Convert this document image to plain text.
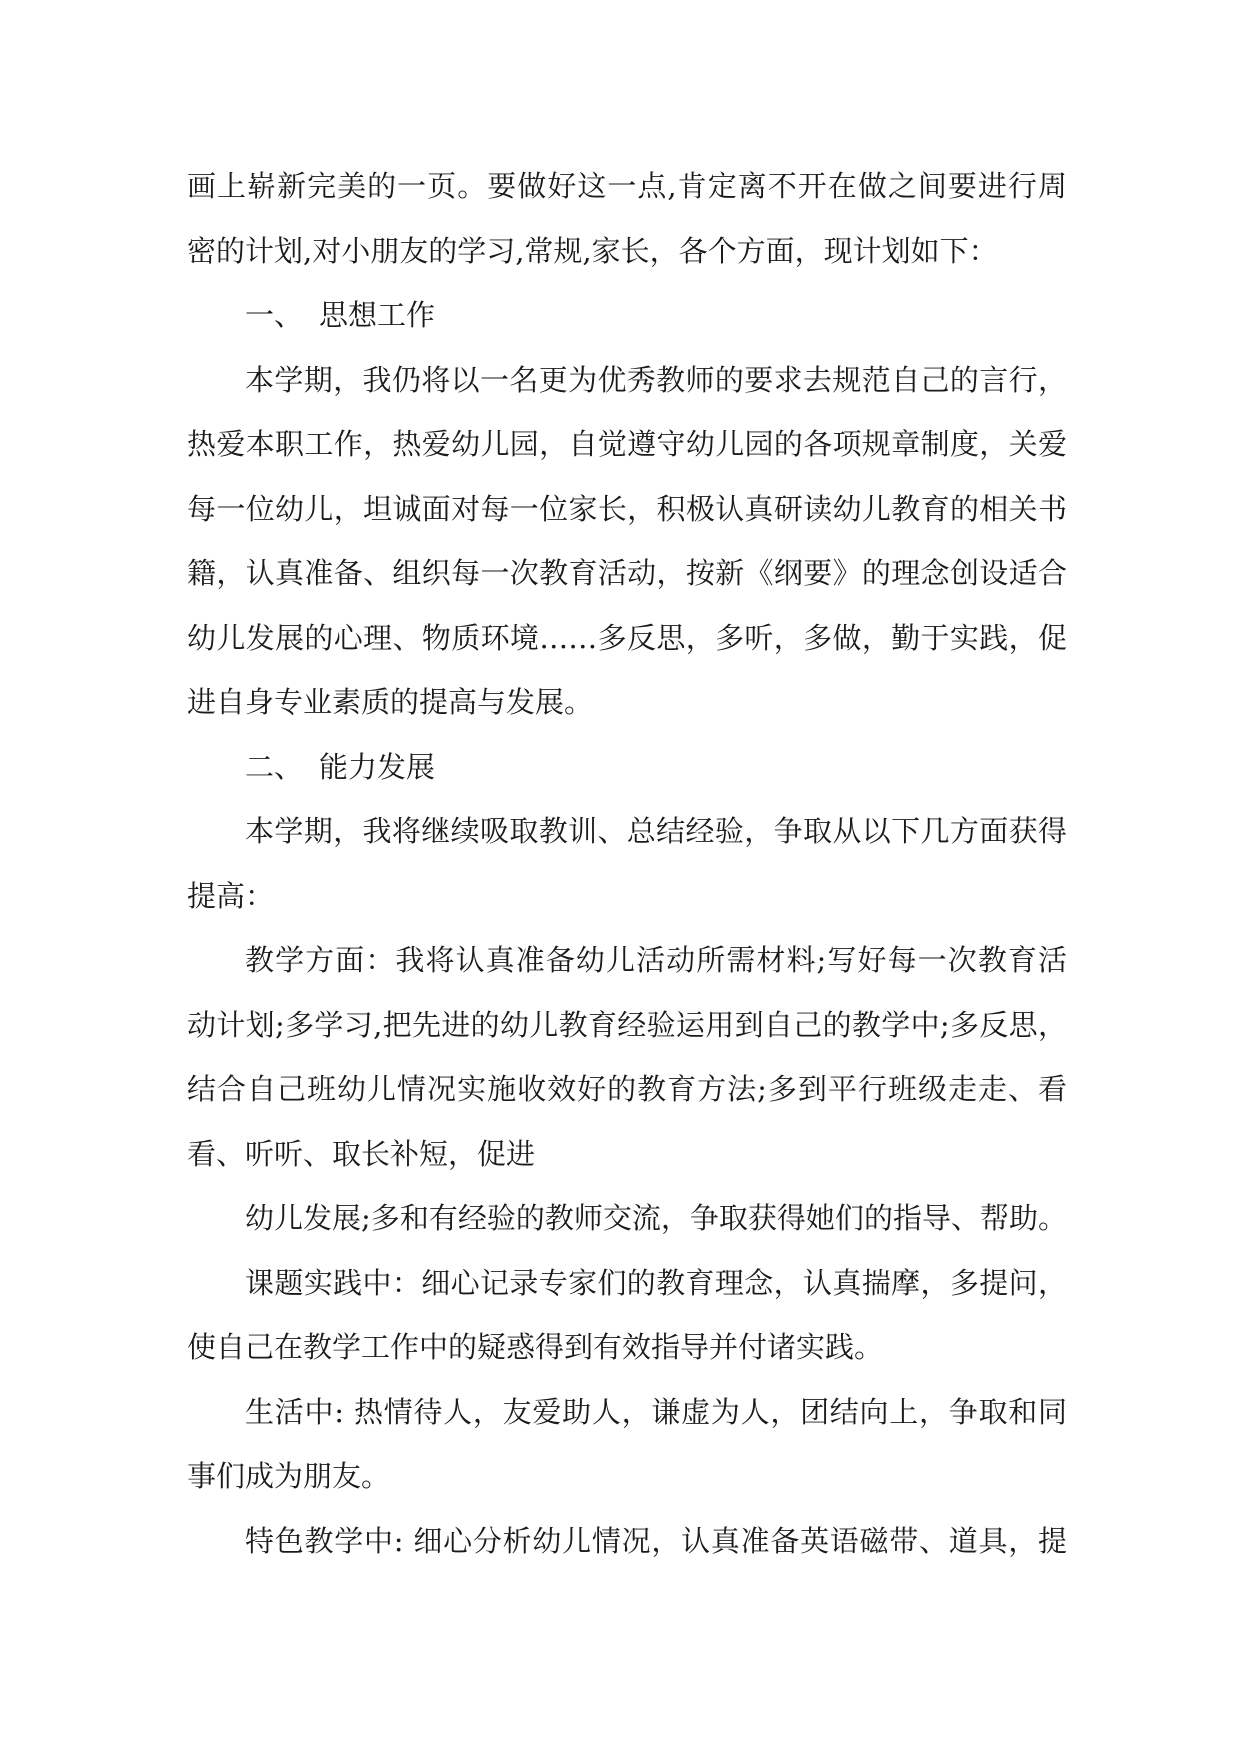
画上崭新完美的一页。要做好这一点,肯定离不开在做之间要进行周
密的计划,对小朋友的学习,常规,家长，各个方面，现计划如下：
一、 思想工作
本学期，我仍将以一名更为优秀教师的要求去规范自己的言行，
热爱本职工作，热爱幼儿园，自觉遵守幼儿园的各项规章制度，关爱
每一位幼儿，坦诚面对每一位家长，积极认真研读幼儿教育的相关书
籍，认真准备、组织每一次教育活动，按新《纲要》的理念创设适合
幼儿发展的心理、物质环境……多反思，多听，多做，勤于实践，促
进自身专业素质的提高与发展。
二、 能力发展
本学期，我将继续吸取教训、总结经验，争取从以下几方面获得
提高：
教学方面：我将认真准备幼儿活动所需材料;写好每一次教育活
动计划;多学习,把先进的幼儿教育经验运用到自己的教学中;多反思，
结合自己班幼儿情况实施收效好的教育方法;多到平行班级走走、看
看、听听、取长补短，促进
幼儿发展;多和有经验的教师交流，争取获得她们的指导、帮助。
课题实践中：细心记录专家们的教育理念，认真揣摩，多提问，
使自己在教学工作中的疑惑得到有效指导并付诸实践。
生活中: 热情待人，友爱助人，谦虚为人，团结向上，争取和同
事们成为朋友。
特色教学中: 细心分析幼儿情况，认真准备英语磁带、道具，提
